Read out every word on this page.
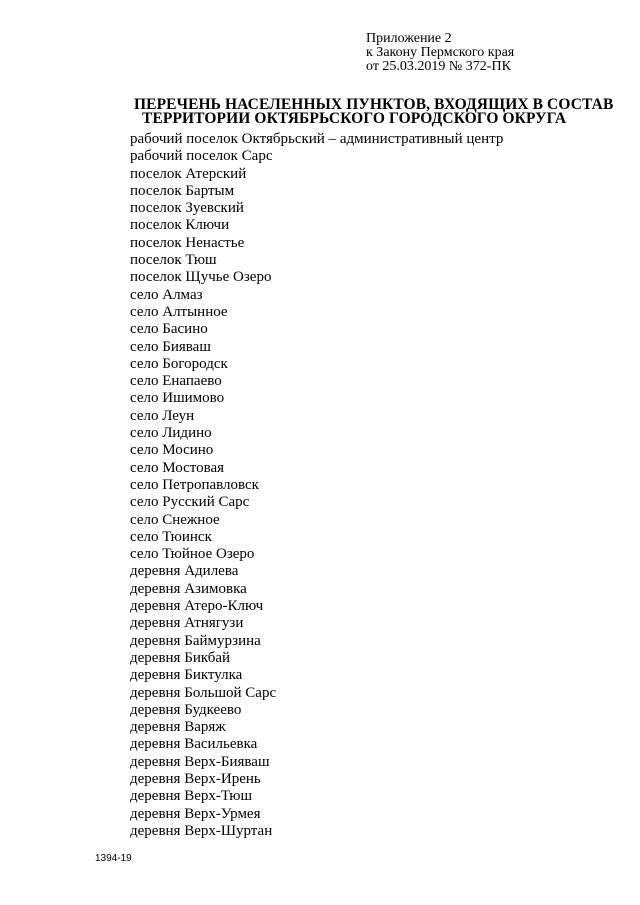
Приложение 2
к Закону Пермского края
от 25.03.2019 № 372-ПК
ПЕРЕЧЕНЬ НАСЕЛЕННЫХ ПУНКТОВ, ВХОДЯЩИХ В СОСТАВ
ТЕРРИТОРИИ ОКТЯБРЬСКОГО ГОРОДСКОГО ОКРУГА
рабочий поселок Октябрьский – административный центр
рабочий поселок Сарс
поселок Атерский
поселок Бартым
поселок Зуевский
поселок Ключи
поселок Ненастье
поселок Тюш
поселок Щучье Озеро
село Алмаз
село Алтынное
село Басино
село Бияваш
село Богородск
село Енапаево
село Ишимово
село Леун
село Лидино
село Мосино
село Мостовая
село Петропавловск
село Русский Сарс
село Снежное
село Тюинск
село Тюйное Озеро
деревня Адилева
деревня Азимовка
деревня Атеро-Ключ
деревня Атнягузи
деревня Баймурзина
деревня Бикбай
деревня Биктулка
деревня Большой Сарс
деревня Будкеево
деревня Варяж
деревня Васильевка
деревня Верх-Бияваш
деревня Верх-Ирень
деревня Верх-Тюш
деревня Верх-Урмея
деревня Верх-Шуртан
1394-19
